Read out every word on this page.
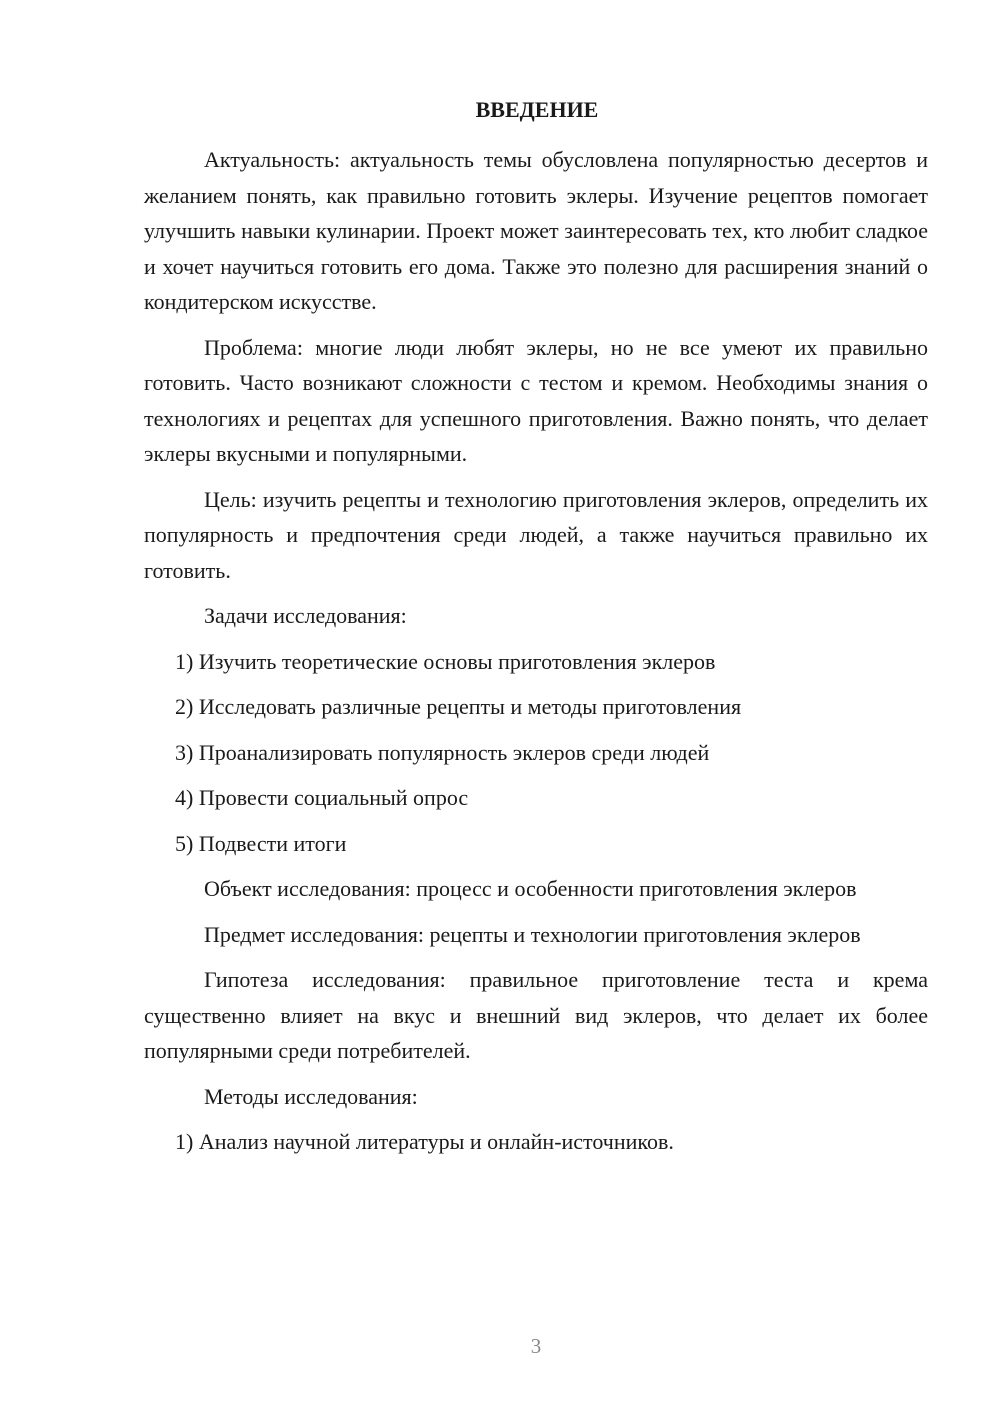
ВВЕДЕНИЕ

Актуальность: актуальность темы обусловлена популярностью десертов и желанием понять, как правильно готовить эклеры. Изучение рецептов помогает улучшить навыки кулинарии. Проект может заинтересовать тех, кто любит сладкое и хочет научиться готовить его дома. Также это полезно для расширения знаний о кондитерском искусстве.

Проблема: многие люди любят эклеры, но не все умеют их правильно готовить. Часто возникают сложности с тестом и кремом. Необходимы знания о технологиях и рецептах для успешного приготовления. Важно понять, что делает эклеры вкусными и популярными.

Цель: изучить рецепты и технологию приготовления эклеров, определить их популярность и предпочтения среди людей, а также научиться правильно их готовить.

Задачи исследования:
1) Изучить теоретические основы приготовления эклеров
2) Исследовать различные рецепты и методы приготовления
3) Проанализировать популярность эклеров среди людей
4) Провести социальный опрос
5) Подвести итоги

Объект исследования: процесс и особенности приготовления эклеров

Предмет исследования: рецепты и технологии приготовления эклеров

Гипотеза исследования: правильное приготовление теста и крема существенно влияет на вкус и внешний вид эклеров, что делает их более популярными среди потребителей.

Методы исследования:
1) Анализ научной литературы и онлайн-источников.
3
